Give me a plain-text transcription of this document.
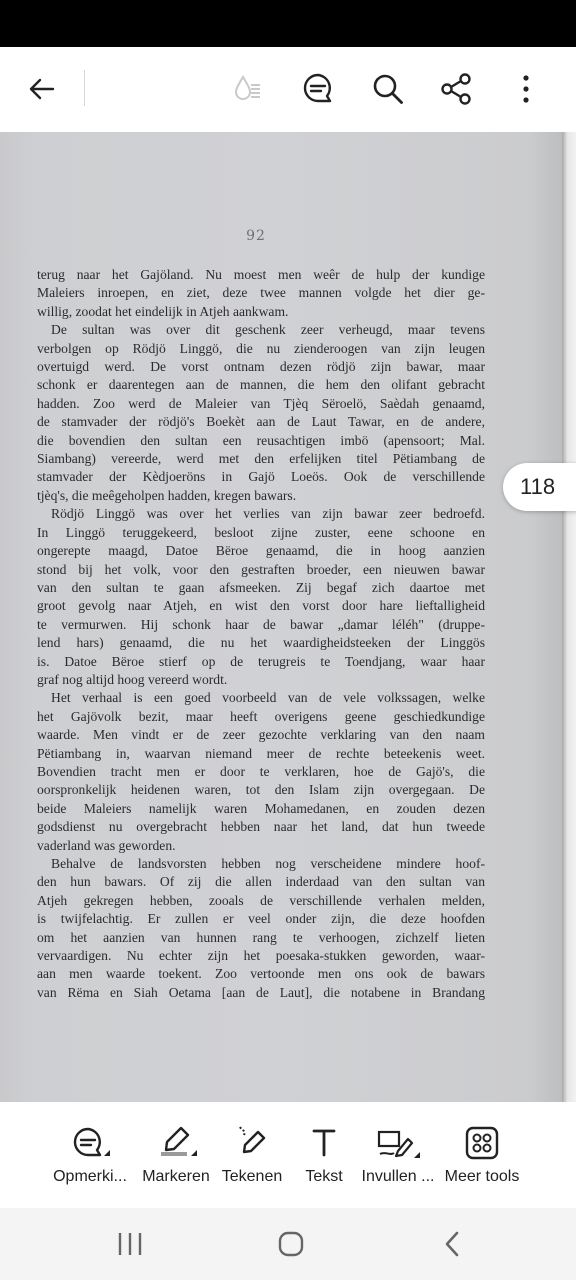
92
terug naar het Gajöland. Nu moest men weêr de hulp der kundige
Maleiers inroepen, en ziet, deze twee mannen volgde het dier ge-
willig, zoodat het eindelijk in Atjeh aankwam.
De sultan was over dit geschenk zeer verheugd, maar tevens
verbolgen op Rödjö Linggö, die nu zienderoogen van zijn leugen
overtuigd werd. De vorst ontnam dezen rödjö zijn bawar, maar
schonk er daarentegen aan de mannen, die hem den olifant gebracht
hadden. Zoo werd de Maleier van Tjèq Sëroelö, Saèdah genaamd,
de stamvader der rödjö's Boekèt aan de Laut Tawar, en de andere,
die bovendien den sultan een reusachtigen imbö (apensoort; Mal.
Siambang) vereerde, werd met den erfelijken titel Pëtiambang de
stamvader der Kèdjoeröns in Gajö Loeös. Ook de verschillende
tjèq's, die meêgeholpen hadden, kregen bawars.
Rödjö Linggö was over het verlies van zijn bawar zeer bedroefd.
In Linggö teruggekeerd, besloot zijne zuster, eene schoone en
ongerepte maagd, Datoe Bëroe genaamd, die in hoog aanzien
stond bij het volk, voor den gestraften broeder, een nieuwen bawar
van den sultan te gaan afsmeeken. Zij begaf zich daartoe met
groot gevolg naar Atjeh, en wist den vorst door hare lieftalligheid
te vermurwen. Hij schonk haar de bawar „damar léléh" (druppe-
lend hars) genaamd, die nu het waardigheidsteeken der Linggös
is. Datoe Bëroe stierf op de terugreis te Toendjang, waar haar
graf nog altijd hoog vereerd wordt.
Het verhaal is een goed voorbeeld van de vele volkssagen, welke
het Gajövolk bezit, maar heeft overigens geene geschiedkundige
waarde. Men vindt er de zeer gezochte verklaring van den naam
Pëtiambang in, waarvan niemand meer de rechte beteekenis weet.
Bovendien tracht men er door te verklaren, hoe de Gajö's, die
oorspronkelijk heidenen waren, tot den Islam zijn overgegaan. De
beide Maleiers namelijk waren Mohamedanen, en zouden dezen
godsdienst nu overgebracht hebben naar het land, dat hun tweede
vaderland was geworden.
Behalve de landsvorsten hebben nog verscheidene mindere hoof-
den hun bawars. Of zij die allen inderdaad van den sultan van
Atjeh gekregen hebben, zooals de verschillende verhalen melden,
is twijfelachtig. Er zullen er veel onder zijn, die deze hoofden
om het aanzien van hunnen rang te verhoogen, zichzelf lieten
vervaardigen. Nu echter zijn het poesaka-stukken geworden, waar-
aan men waarde toekent. Zoo vertoonde men ons ook de bawars
van Rëma en Siah Oetama [aan de Laut], die notabene in Brandang
118
Opmerki... Markeren Tekenen	Tekst	Invullen ... Meer tools
